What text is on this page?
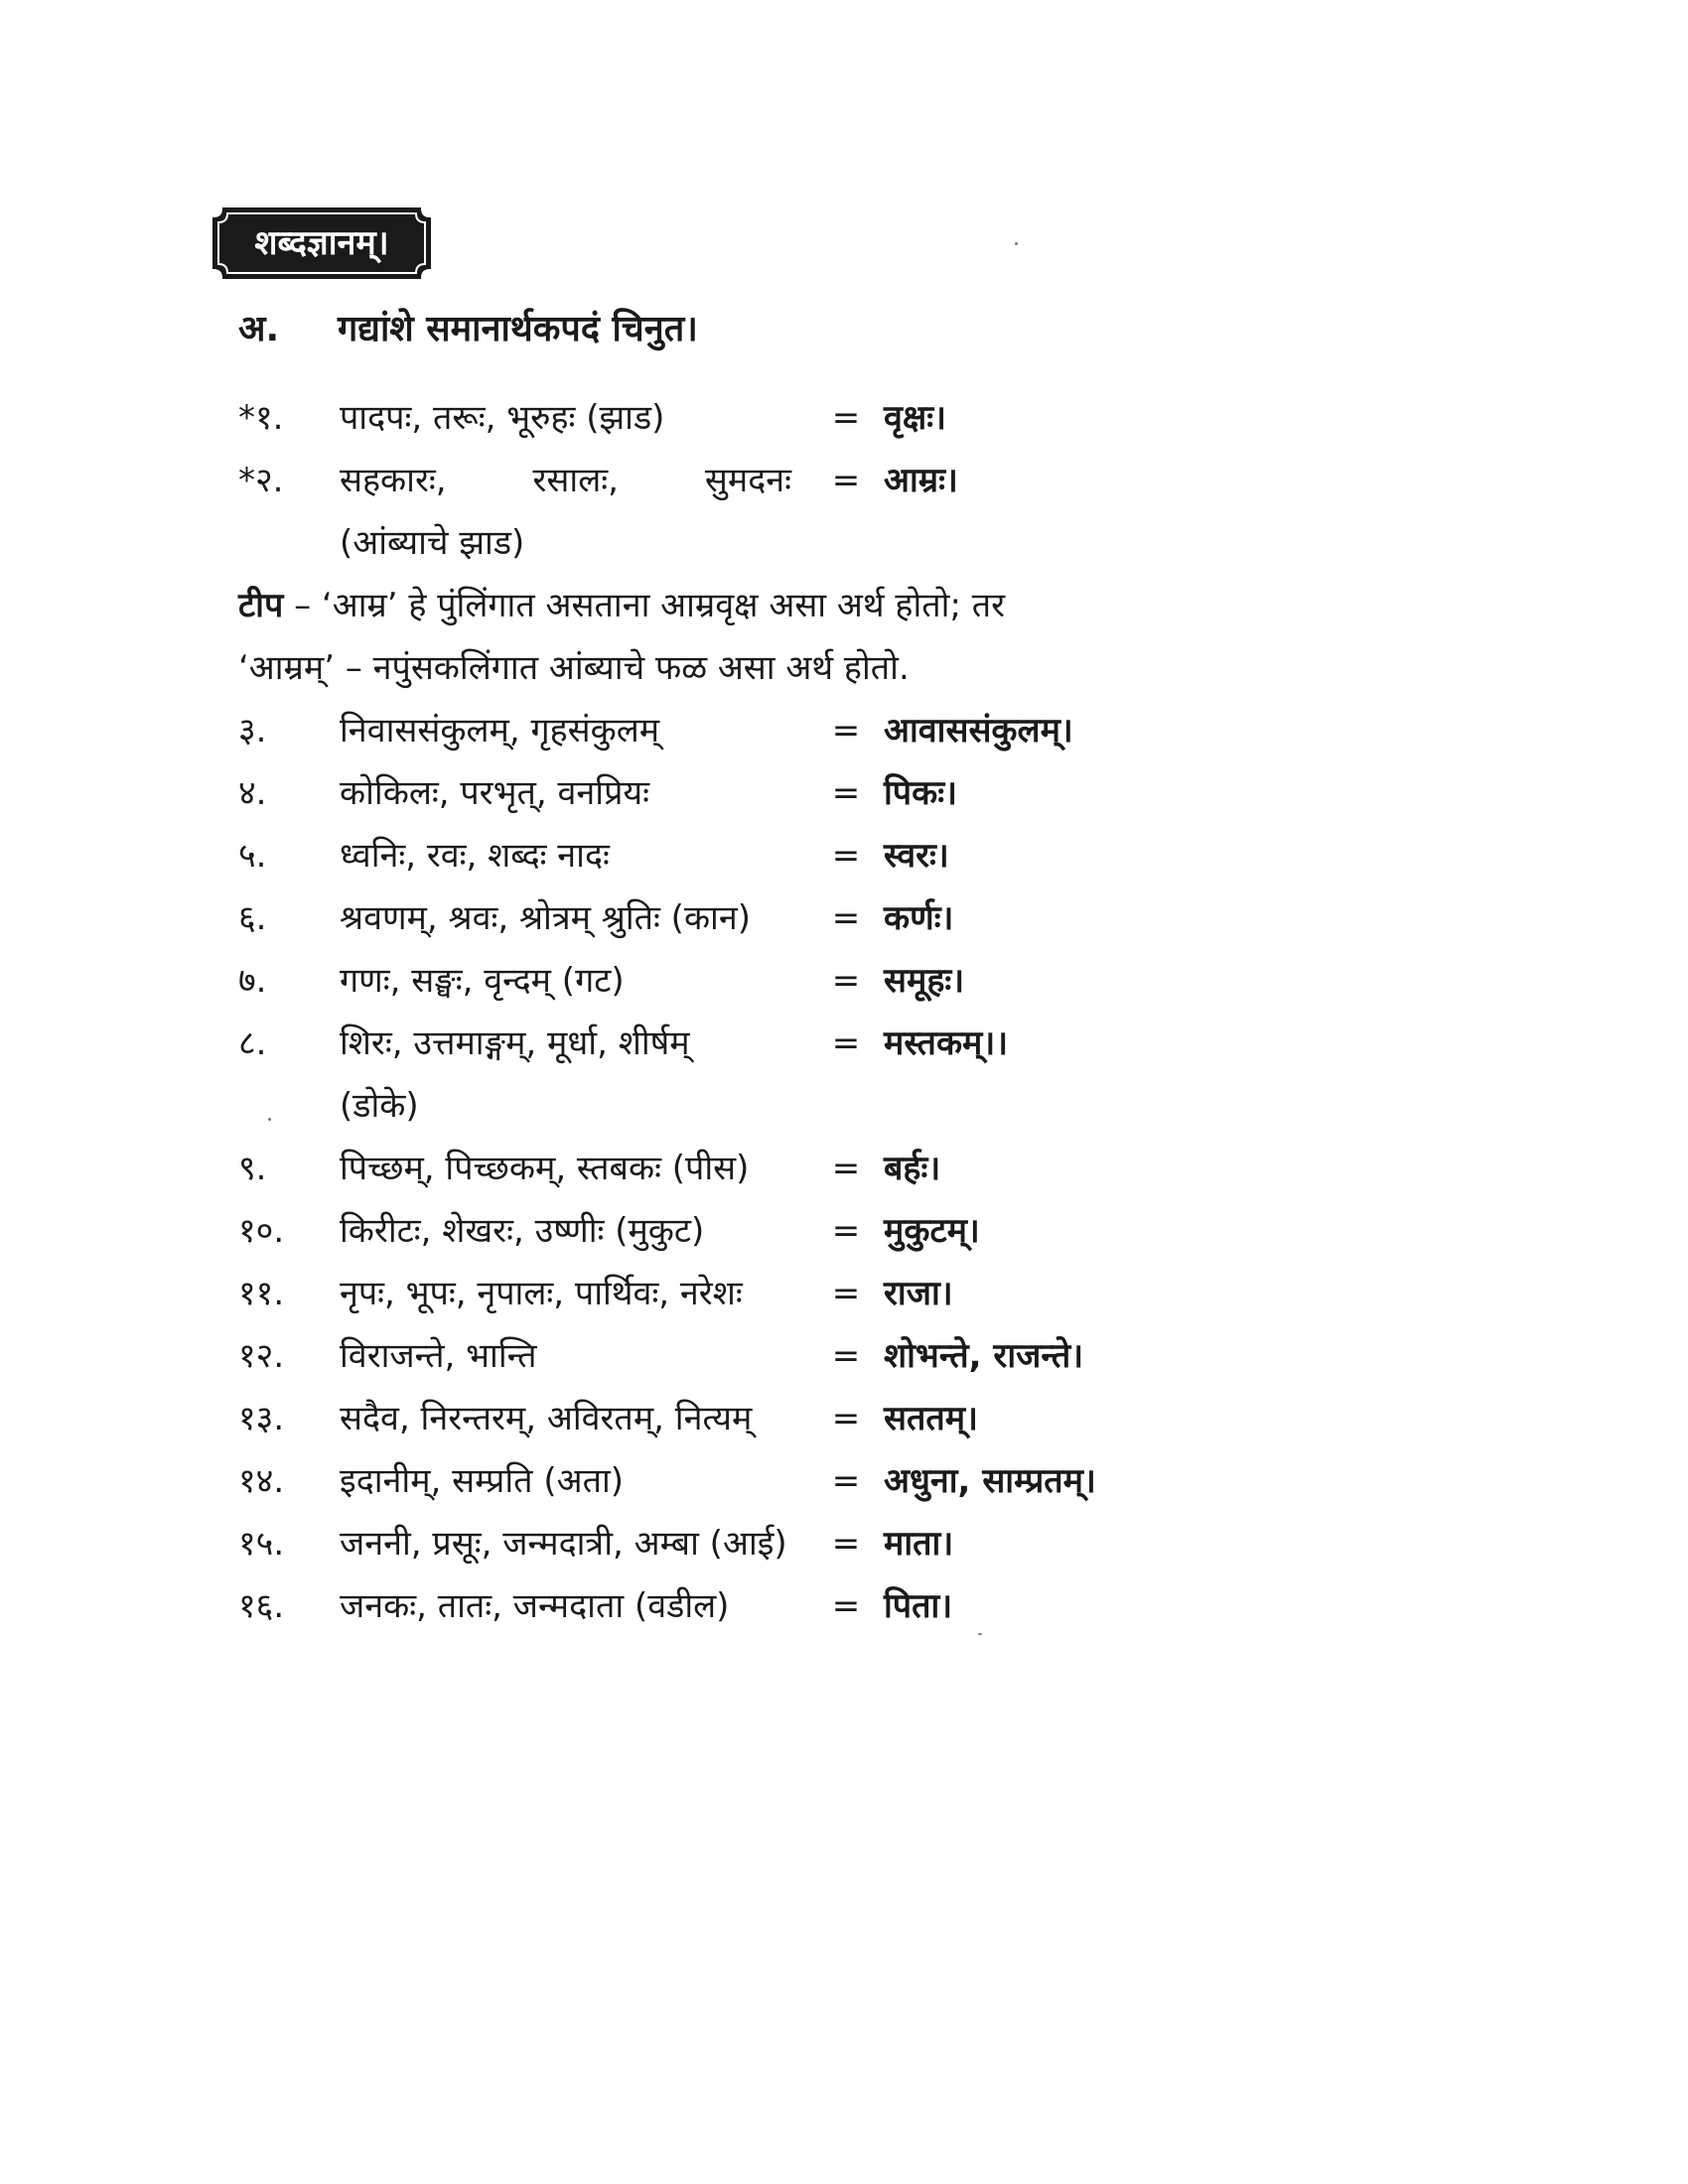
शब्दज्ञानम्।
अ. गद्यांशे समानार्थकपदं चिनुत।
*१.	पादपः, तरूः, भूरुहः (झाड)	= वृक्षः।
*२.	सहकारः,	रसालः,	सुमदनः = आम्रः।
(आंब्याचे झाड)
टीप – ‘आम्र’ हे पुंलिंगात असताना आम्रवृक्ष असा अर्थ होतो; तर
‘आम्रम्’ – नपुंसकलिंगात आंब्याचे फळ असा अर्थ होतो.
३.	निवाससंकुलम्, गृहसंकुलम्	= आवाससंकुलम्।
४.	कोकिलः, परभृत्, वनप्रियः	= पिकः।
५.	ध्वनिः, रवः, शब्दः नादः	= स्वरः।
६.	श्रवणम्, श्रवः, श्रोत्रम् श्रुतिः (कान)	= कर्णः।
७.	गणः, सङ्घः, वृन्दम् (गट)	= समूहः।
८.	शिरः, उत्तमाङ्गम्, मूर्धा, शीर्षम्	= मस्तकम्।।
(डोके)
९.	पिच्छम्, पिच्छकम्, स्तबकः (पीस)	= बर्हः।
१०.	किरीटः, शेखरः, उष्णीः (मुकुट)	= मुकुटम्।
११.	नृपः, भूपः, नृपालः, पार्थिवः, नरेशः	= राजा।
१२.	विराजन्ते, भान्ति	= शोभन्ते, राजन्ते।
१३.	सदैव, निरन्तरम्, अविरतम्, नित्यम्	= सततम्।
१४.	इदानीम्, सम्प्रति (अता)	= अधुना, साम्प्रतम्।
१५.	जननी, प्रसूः, जन्मदात्री, अम्बा (आई)	= माता।
१६.	जनकः, तातः, जन्मदाता (वडील)	= पिता।
